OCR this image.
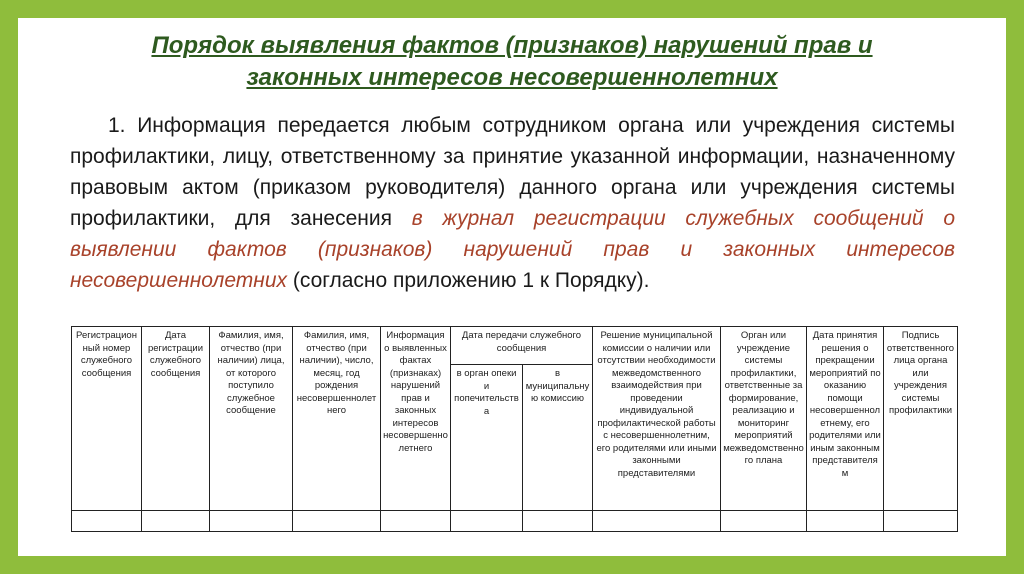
Порядок выявления фактов (признаков) нарушений прав и
законных интересов несовершеннолетних
1. Информация передается любым сотрудником органа или учреждения системы профилактики, лицу, ответственному за принятие указанной информации, назначенному правовым актом (приказом руководителя) данного органа или учреждения системы профилактики, для занесения в журнал регистрации служебных сообщений о выявлении фактов (признаков) нарушений прав и законных интересов несовершеннолетних (согласно приложению 1 к Порядку).
Регистрационный номер служебного сообщения	Дата регистрации служебного сообщения	Фамилия, имя, отчество (при наличии) лица, от которого поступило служебное сообщение	Фамилия, имя, отчество (при наличии), число, месяц, год рождения несовершеннолетнего	Информация о выявленных фактах (признаках) нарушений прав и законных интересов несовершеннолетнего	Дата передачи служебного сообщения		Решение муниципальной комиссии о наличии или отсутствии необходимости межведомственного взаимодействия при проведении индивидуальной профилактической работы с несовершеннолетним, его родителями или иными законными представителями	Орган или учреждение системы профилактики, ответственные за формирование, реализацию и мониторинг мероприятий межведомственного плана	Дата принятия решения о прекращении мероприятий по оказанию помощи несовершеннолетнему, его родителями или иным законным представителям	Подпись ответственного лица органа или учреждения системы профилактики
					в орган опеки и попечительства	в муниципальную комиссию				
